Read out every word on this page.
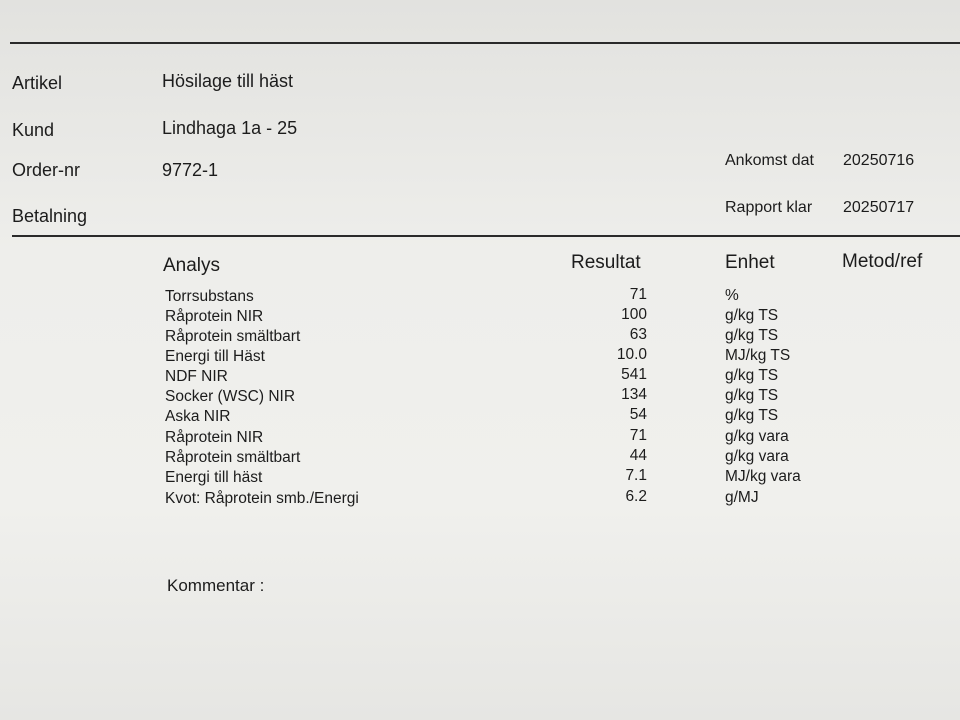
Artikel	Hösilage till häst
Kund	Lindhaga 1a - 25
Order-nr	9772-1
Betalning
Ankomst dat 20250716
Rapport klar 20250717
Analys	Resultat	Enhet	Metod/ref
Torrsubstans	71	%
Råprotein NIR	100	g/kg TS
Råprotein smältbart	63	g/kg TS
Energi till Häst	10.0	MJ/kg TS
NDF NIR	541	g/kg TS
Socker (WSC) NIR	134	g/kg TS
Aska NIR	54	g/kg TS
Råprotein NIR	71	g/kg vara
Råprotein smältbart	44	g/kg vara
Energi till häst	7.1	MJ/kg vara
Kvot: Råprotein smb./Energi	6.2	g/MJ
Kommentar :
